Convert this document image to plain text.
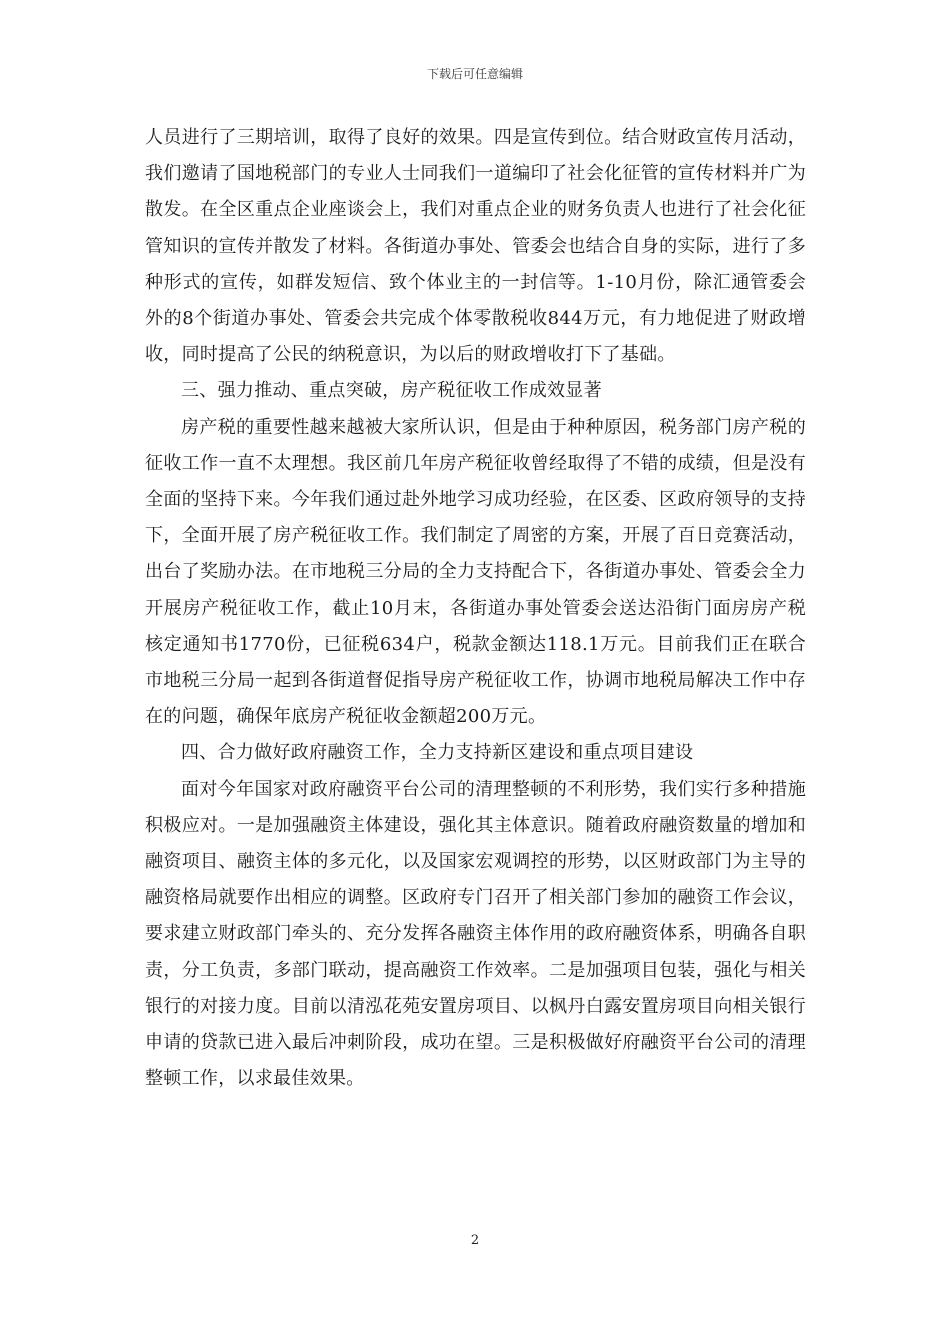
下载后可任意编辑

人员进行了三期培训，取得了良好的效果。四是宣传到位。结合财政宣传月活动，我们邀请了国地税部门的专业人士同我们一道编印了社会化征管的宣传材料并广为散发。在全区重点企业座谈会上，我们对重点企业的财务负责人也进行了社会化征管知识的宣传并散发了材料。各街道办事处、管委会也结合自身的实际，进行了多种形式的宣传，如群发短信、致个体业主的一封信等。1-10月份，除汇通管委会外的8个街道办事处、管委会共完成个体零散税收844万元，有力地促进了财政增收，同时提高了公民的纳税意识，为以后的财政增收打下了基础。

三、强力推动、重点突破，房产税征收工作成效显著

房产税的重要性越来越被大家所认识，但是由于种种原因，税务部门房产税的征收工作一直不太理想。我区前几年房产税征收曾经取得了不错的成绩，但是没有全面的坚持下来。今年我们通过赴外地学习成功经验，在区委、区政府领导的支持下，全面开展了房产税征收工作。我们制定了周密的方案，开展了百日竞赛活动，出台了奖励办法。在市地税三分局的全力支持配合下，各街道办事处、管委会全力开展房产税征收工作，截止10月末，各街道办事处管委会送达沿街门面房房产税核定通知书1770份，已征税634户，税款金额达118.1万元。目前我们正在联合市地税三分局一起到各街道督促指导房产税征收工作，协调市地税局解决工作中存在的问题，确保年底房产税征收金额超200万元。

四、合力做好政府融资工作，全力支持新区建设和重点项目建设

面对今年国家对政府融资平台公司的清理整顿的不利形势，我们实行多种措施积极应对。一是加强融资主体建设，强化其主体意识。随着政府融资数量的增加和融资项目、融资主体的多元化，以及国家宏观调控的形势，以区财政部门为主导的融资格局就要作出相应的调整。区政府专门召开了相关部门参加的融资工作会议，要求建立财政部门牵头的、充分发挥各融资主体作用的政府融资体系，明确各自职责，分工负责，多部门联动，提高融资工作效率。二是加强项目包装，强化与相关银行的对接力度。目前以清泓花苑安置房项目、以枫丹白露安置房项目向相关银行申请的贷款已进入最后冲刺阶段，成功在望。三是积极做好府融资平台公司的清理整顿工作，以求最佳效果。

2
